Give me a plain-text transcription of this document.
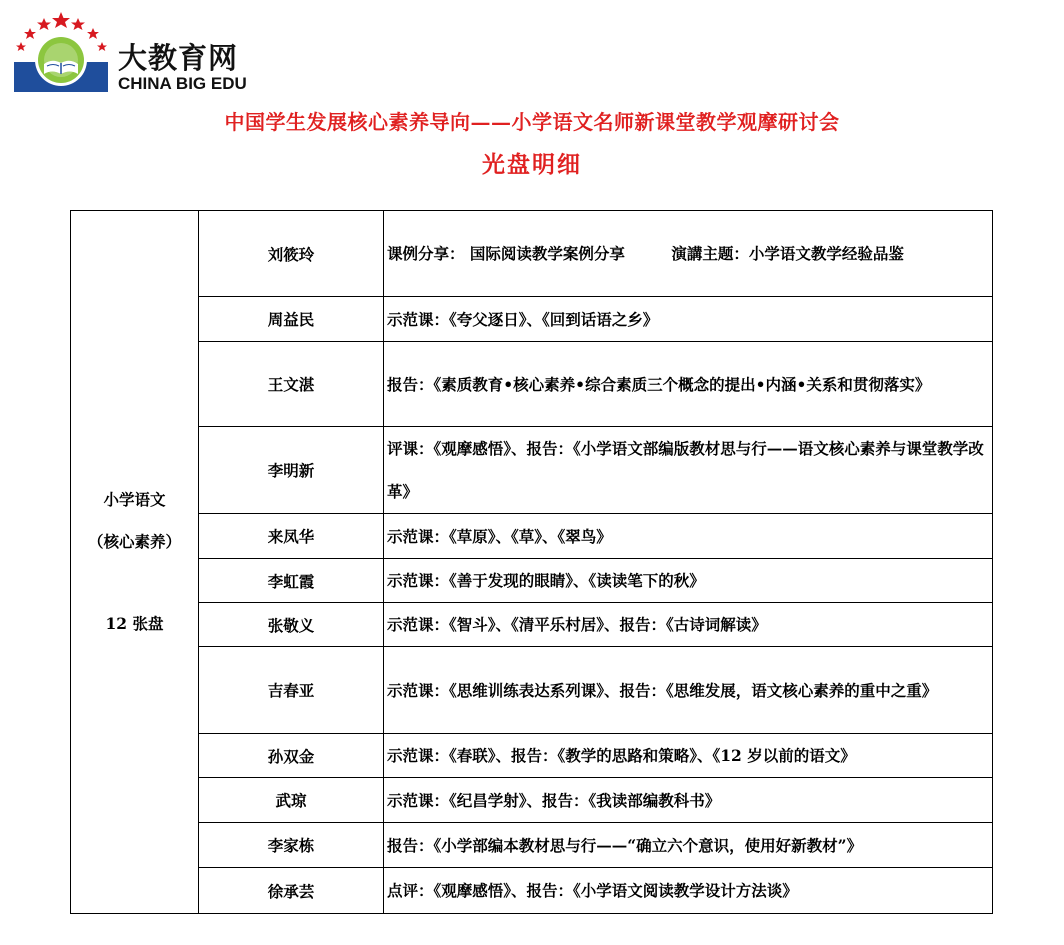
大教育网
CHINA BIG EDU
中国学生发展核心素养导向——小学语文名师新课堂教学观摩研讨会
光盘明细
小学语文
（核心素养）
12 张盘	刘筱玲	课例分享： 国际阅读教学案例分享　　　演講主题：小学语文教学经验品鉴
	周益民	示范课：《夸父逐日》、《回到话语之乡》
	王文湛	报告：《素质教育•核心素养•综合素质三个概念的提出•内涵•关系和贯彻落实》
	李明新	评课：《观摩感悟》、报告：《小学语文部编版教材思与行——语文核心素养与课堂教学改革》
	来凤华	示范课：《草原》、《草》、《翠鸟》
	李虹霞	示范课：《善于发现的眼睛》、《读读笔下的秋》
	张敬义	示范课：《智斗》、《清平乐村居》、报告：《古诗词解读》
	吉春亚	示范课：《思维训练表达系列课》、报告：《思维发展，语文核心素养的重中之重》
	孙双金	示范课：《春联》、报告：《教学的思路和策略》、《12 岁以前的语文》
	武琼	示范课：《纪昌学射》、报告：《我读部编教科书》
	李家栋	报告：《小学部编本教材思与行——“确立六个意识，使用好新教材”》
	徐承芸	点评：《观摩感悟》、报告：《小学语文阅读教学设计方法谈》
